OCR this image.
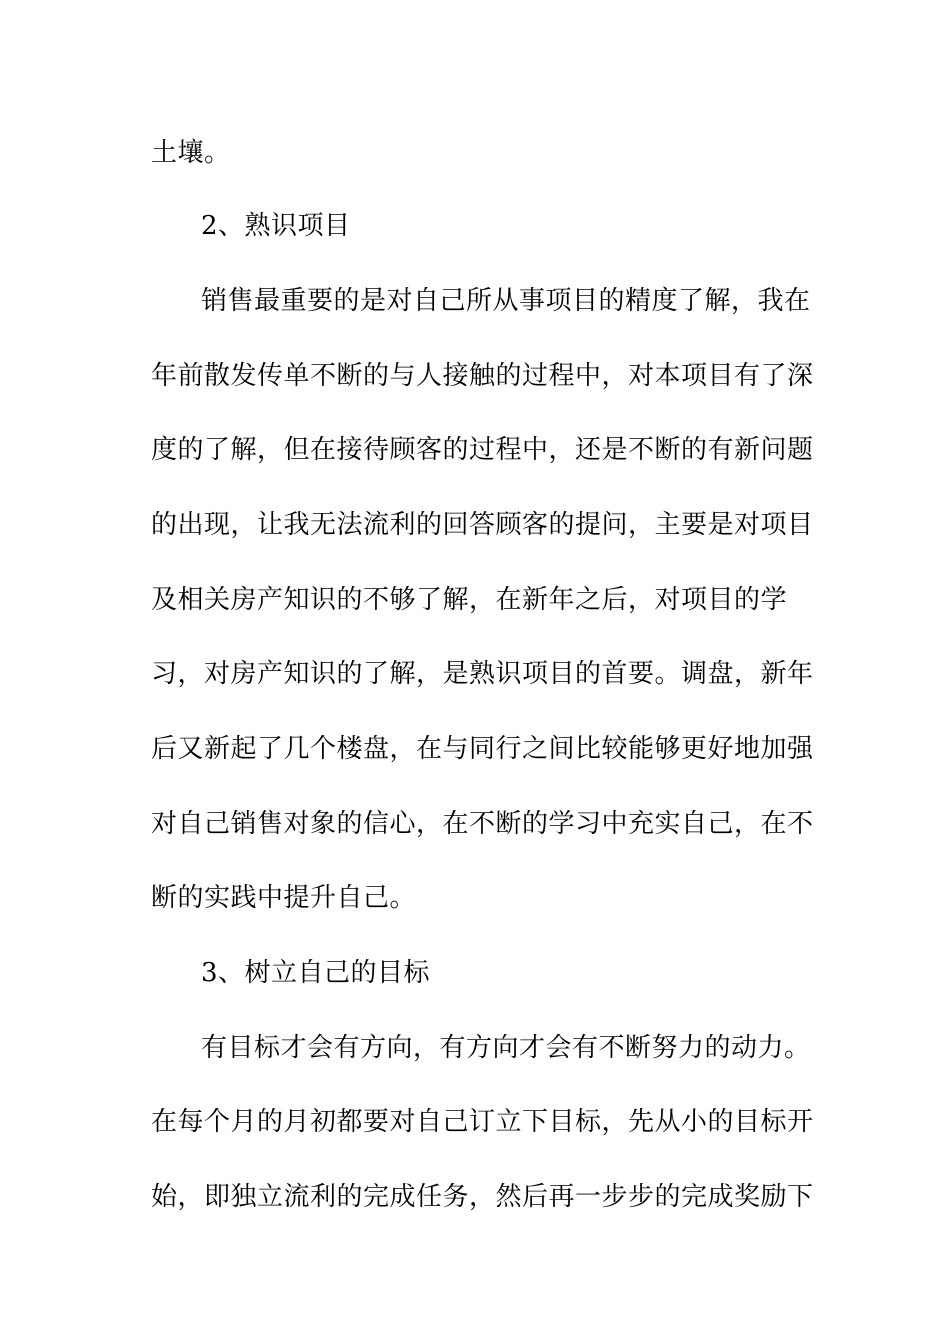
土壤。
2、熟识项目
销售最重要的是对自己所从事项目的精度了解，我在
年前散发传单不断的与人接触的过程中，对本项目有了深
度的了解，但在接待顾客的过程中，还是不断的有新问题
的出现，让我无法流利的回答顾客的提问，主要是对项目
及相关房产知识的不够了解，在新年之后，对项目的学
习，对房产知识的了解，是熟识项目的首要。调盘，新年
后又新起了几个楼盘，在与同行之间比较能够更好地加强
对自己销售对象的信心，在不断的学习中充实自己，在不
断的实践中提升自己。
3、树立自己的目标
有目标才会有方向，有方向才会有不断努力的动力。
在每个月的月初都要对自己订立下目标，先从小的目标开
始，即独立流利的完成任务，然后再一步步的完成奖励下
